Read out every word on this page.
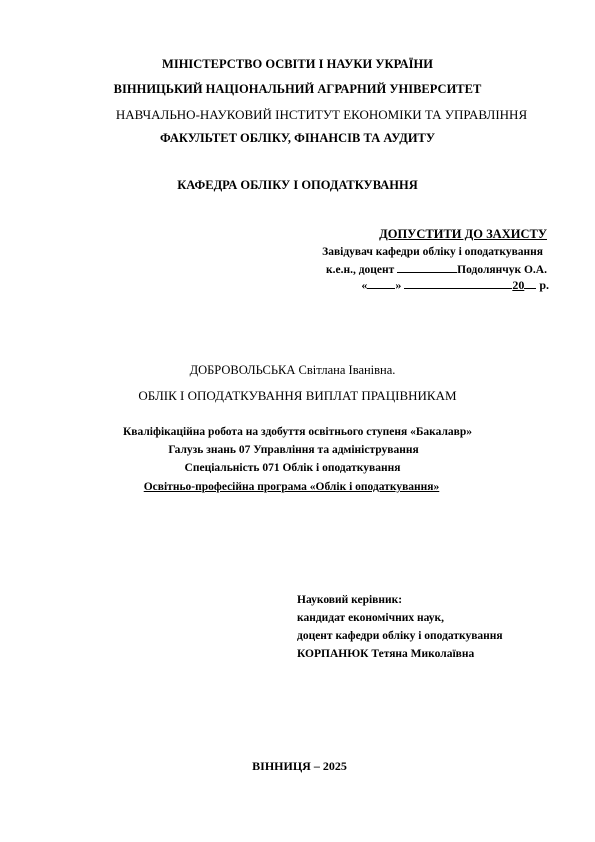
МІНІСТЕРСТВО ОСВІТИ І НАУКИ УКРАЇНИ
ВІННИЦЬКИЙ НАЦІОНАЛЬНИЙ АГРАРНИЙ УНІВЕРСИТЕТ
НАВЧАЛЬНО-НАУКОВИЙ ІНСТИТУТ ЕКОНОМІКИ ТА УПРАВЛІННЯ
ФАКУЛЬТЕТ ОБЛІКУ, ФІНАНСІВ ТА АУДИТУ
КАФЕДРА ОБЛІКУ І ОПОДАТКУВАННЯ
ДОПУСТИТИ ДО ЗАХИСТУ
Завідувач кафедри обліку і оподаткування
к.е.н., доцент	Подолянчук О.А.
« »	20 р.
ДОБРОВОЛЬСЬКА Світлана Іванівна.
ОБЛІК І ОПОДАТКУВАННЯ ВИПЛАТ ПРАЦІВНИКАМ
Кваліфікаційна робота на здобуття освітнього ступеня «Бакалавр»
Галузь знань 07 Управління та адміністрування
Спеціальність 071 Облік і оподаткування
Освітньо-професійна програма «Облік і оподаткування»
Науковий керівник:
кандидат економічних наук,
доцент кафедри обліку і оподаткування
КОРПАНЮК Тетяна Миколаївна
ВІННИЦЯ – 2025
